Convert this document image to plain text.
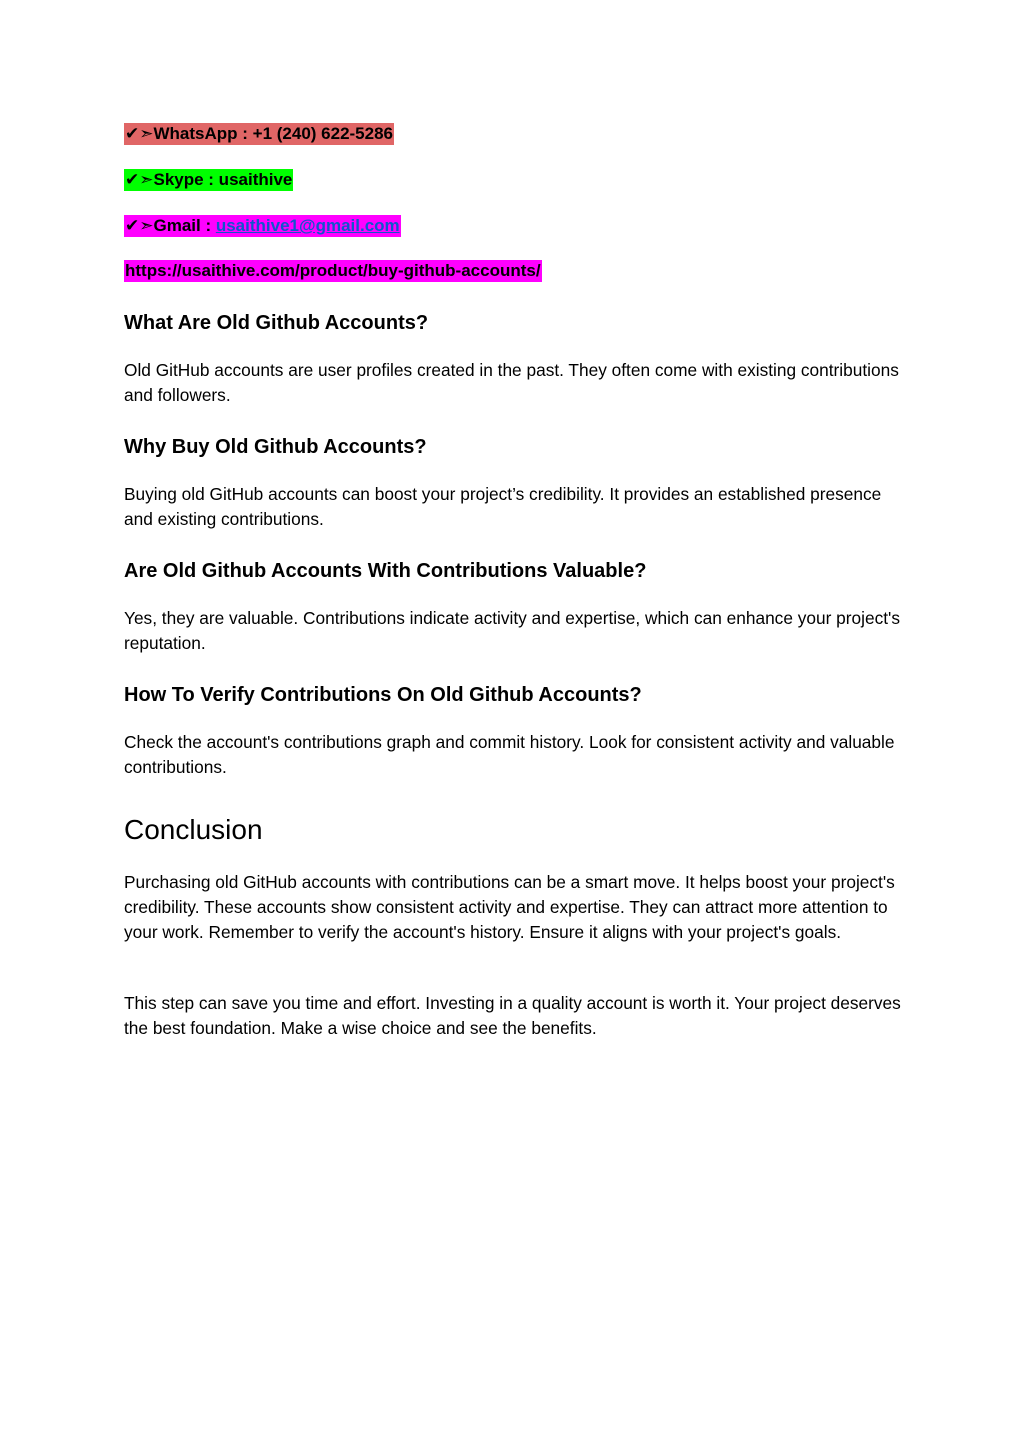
✔➣WhatsApp : +1 (240) 622-5286
✔➣Skype : usaithive
✔➣Gmail : usaithive1@gmail.com
https://usaithive.com/product/buy-github-accounts/
What Are Old Github Accounts?

Old GitHub accounts are user profiles created in the past. They often come with existing contributions and followers.

Why Buy Old Github Accounts?

Buying old GitHub accounts can boost your project’s credibility. It provides an established presence and existing contributions.

Are Old Github Accounts With Contributions Valuable?

Yes, they are valuable. Contributions indicate activity and expertise, which can enhance your project's reputation.

How To Verify Contributions On Old Github Accounts?

Check the account's contributions graph and commit history. Look for consistent activity and valuable contributions.

Conclusion

Purchasing old GitHub accounts with contributions can be a smart move. It helps boost your project's credibility. These accounts show consistent activity and expertise. They can attract more attention to your work. Remember to verify the account's history. Ensure it aligns with your project's goals.

This step can save you time and effort. Investing in a quality account is worth it. Your project deserves the best foundation. Make a wise choice and see the benefits.
